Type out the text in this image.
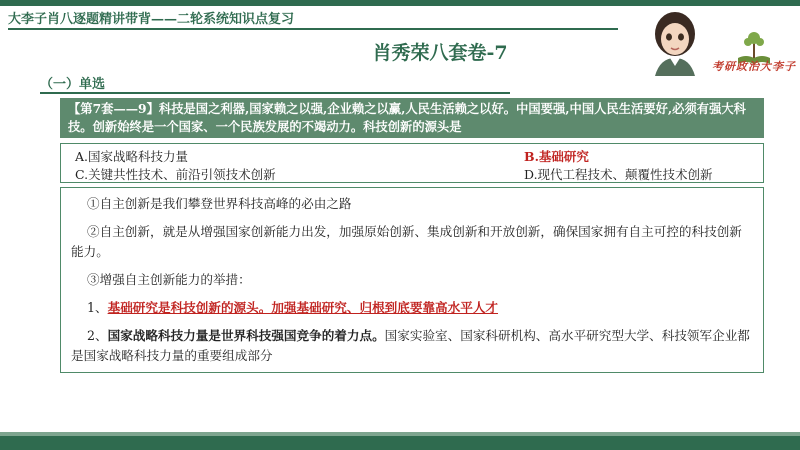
大李子肖八逐题精讲带背——二轮系统知识点复习
肖秀荣八套卷-7
考研政治大李子
（一）单选
【第7套——9】科技是国之利器,国家赖之以强,企业赖之以赢,人民生活赖之以好。中国要强,中国人民生活要好,必须有强大科技。创新始终是一个国家、一个民族发展的不竭动力。科技创新的源头是
A.国家战略科技力量	B.基础研究
C.关键共性技术、前沿引领技术创新	D.现代工程技术、颠覆性技术创新
①自主创新是我们攀登世界科技高峰的必由之路
②自主创新，就是从增强国家创新能力出发，加强原始创新、集成创新和开放创新，确保国家拥有自主可控的科技创新能力。
③增强自主创新能力的举措：
1、基础研究是科技创新的源头。加强基础研究、归根到底要靠高水平人才
2、国家战略科技力量是世界科技强国竞争的着力点。国家实验室、国家科研机构、高水平研究型大学、科技领军企业都是国家战略科技力量的重要组成部分
